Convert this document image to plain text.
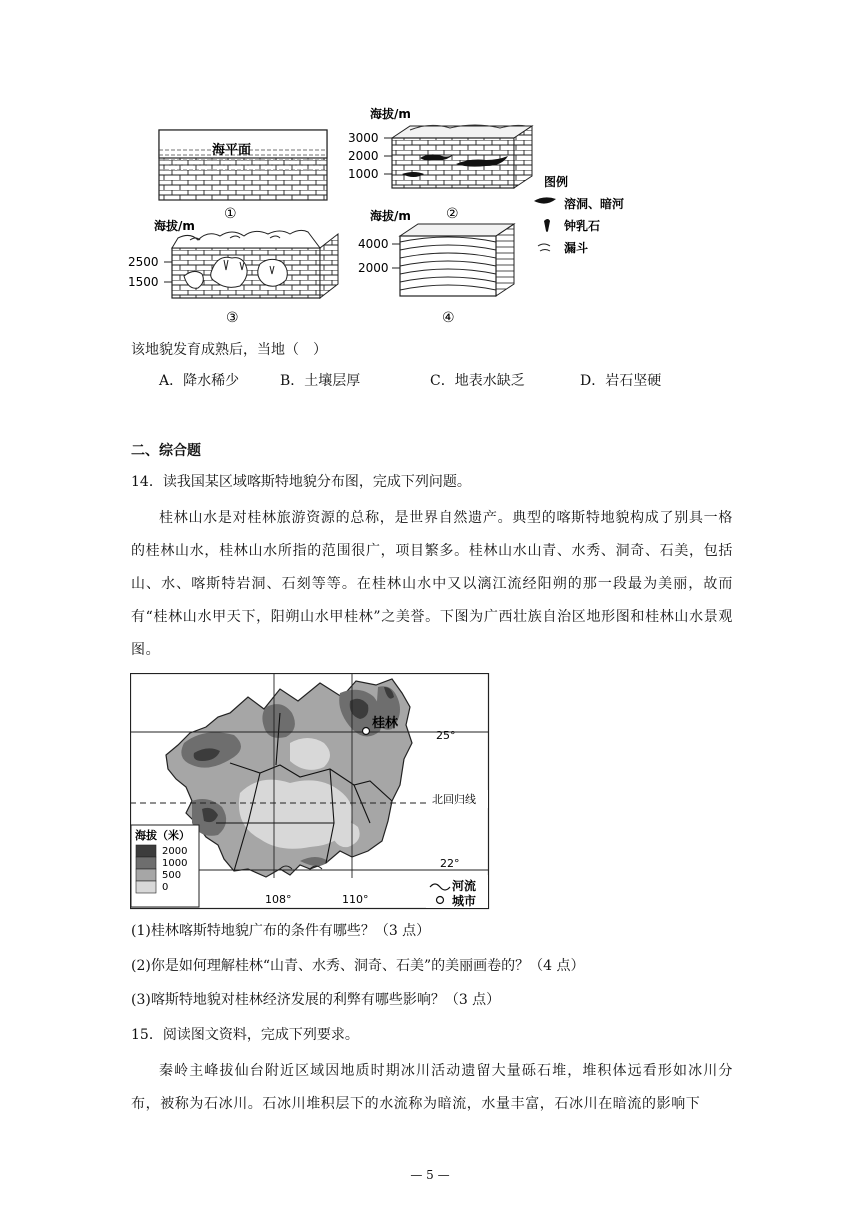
海平面
①
海拔/m
3000
2000
1000
②
图例
溶洞、暗河
钟乳石
漏斗
海拔/m
2500
1500
③
海拔/m
4000
2000
④
该地貌发育成熟后，当地（　）
A．降水稀少	B．土壤层厚	C．地表水缺乏	D．岩石坚硬
二、综合题
14．读我国某区域喀斯特地貌分布图，完成下列问题。

桂林山水是对桂林旅游资源的总称，是世界自然遗产。典型的喀斯特地貌构成了别具一格的桂林山水，桂林山水所指的范围很广，项目繁多。桂林山水山青、水秀、洞奇、石美，包括山、水、喀斯特岩洞、石刻等等。在桂林山水中又以漓江流经阳朔的那一段最为美丽，故而有“桂林山水甲天下，阳朔山水甲桂林”之美誉。下图为广西壮族自治区地形图和桂林山水景观图。

桂林
25°
北回归线
22°
108°	110°
海拔（米）
2000
1000
500
0	河流
城市
(1)桂林喀斯特地貌广布的条件有哪些？（3 点）
(2)你是如何理解桂林“山青、水秀、洞奇、石美”的美丽画卷的？（4 点）
(3)喀斯特地貌对桂林经济发展的利弊有哪些影响？（3 点）
15．阅读图文资料，完成下列要求。

秦岭主峰拔仙台附近区域因地质时期冰川活动遗留大量砾石堆，堆积体远看形如冰川分布，被称为石冰川。石冰川堆积层下的水流称为暗流，水量丰富，石冰川在暗流的影响下

— 5 —
